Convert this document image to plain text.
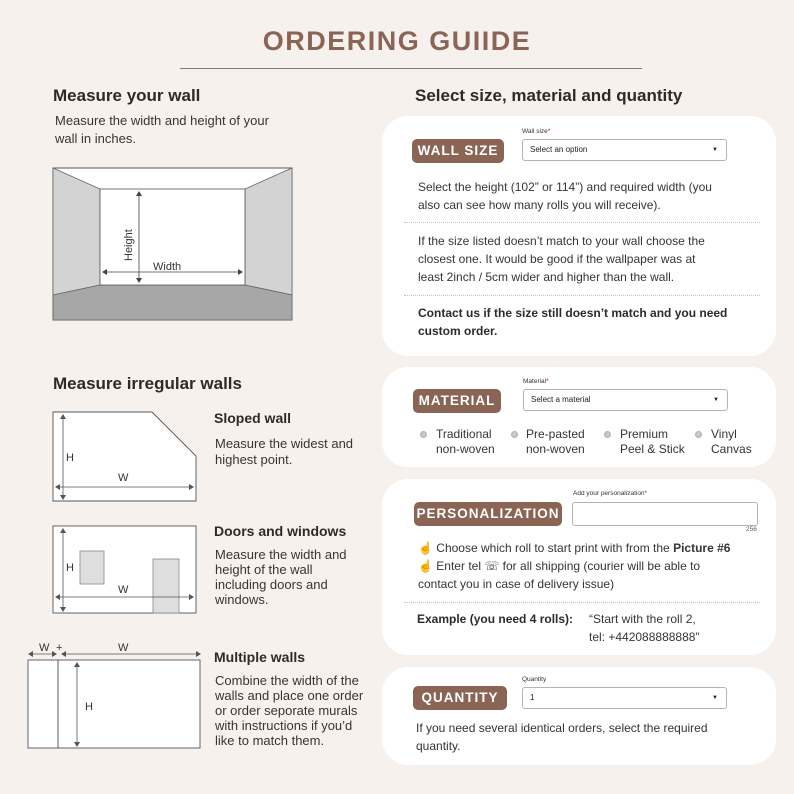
ORDERING GUIIDE
Measure your wall
Measure the width and height of your
wall in inches.
Height
Width
Measure irregular walls
H
W
Sloped wall
Measure the widest and
highest point.
H
W
Doors and windows
Measure the width and
height of the wall
including doors and
windows.
W +	W
H
Multiple walls
Combine the width of the
walls and place one order
or order seporate murals
with instructions if you’d
like to match them.
Select size, material and quantity
WALL SIZE
Wall size*
Select an option	▼
Select the height (102” or 114”) and required width (you
also can see how many rolls you will receive).
If the size listed doesn’t match to your wall choose the
closest one. It would be good if the wallpaper was at
least 2inch / 5cm wider and higher than the wall.
Contact us if the size still doesn’t match and you need
custom order.
MATERIAL
Material*
Select a material	▼
Traditional
non-woven
Pre-pasted
non-woven
Premium
Peel & Stick
Vinyl
Canvas
PERSONALIZATION
Add your personalization*
256
☝ Choose which roll to start print with from the Picture #6
☝ Enter tel ☏ for all shipping (courier will be able to
contact you in case of delivery issue)
Example (you need 4 rolls): “Start with the roll 2,
tel: +442088888888”
QUANTITY
Quantity
1	▼
If you need several identical orders, select the required
quantity.
